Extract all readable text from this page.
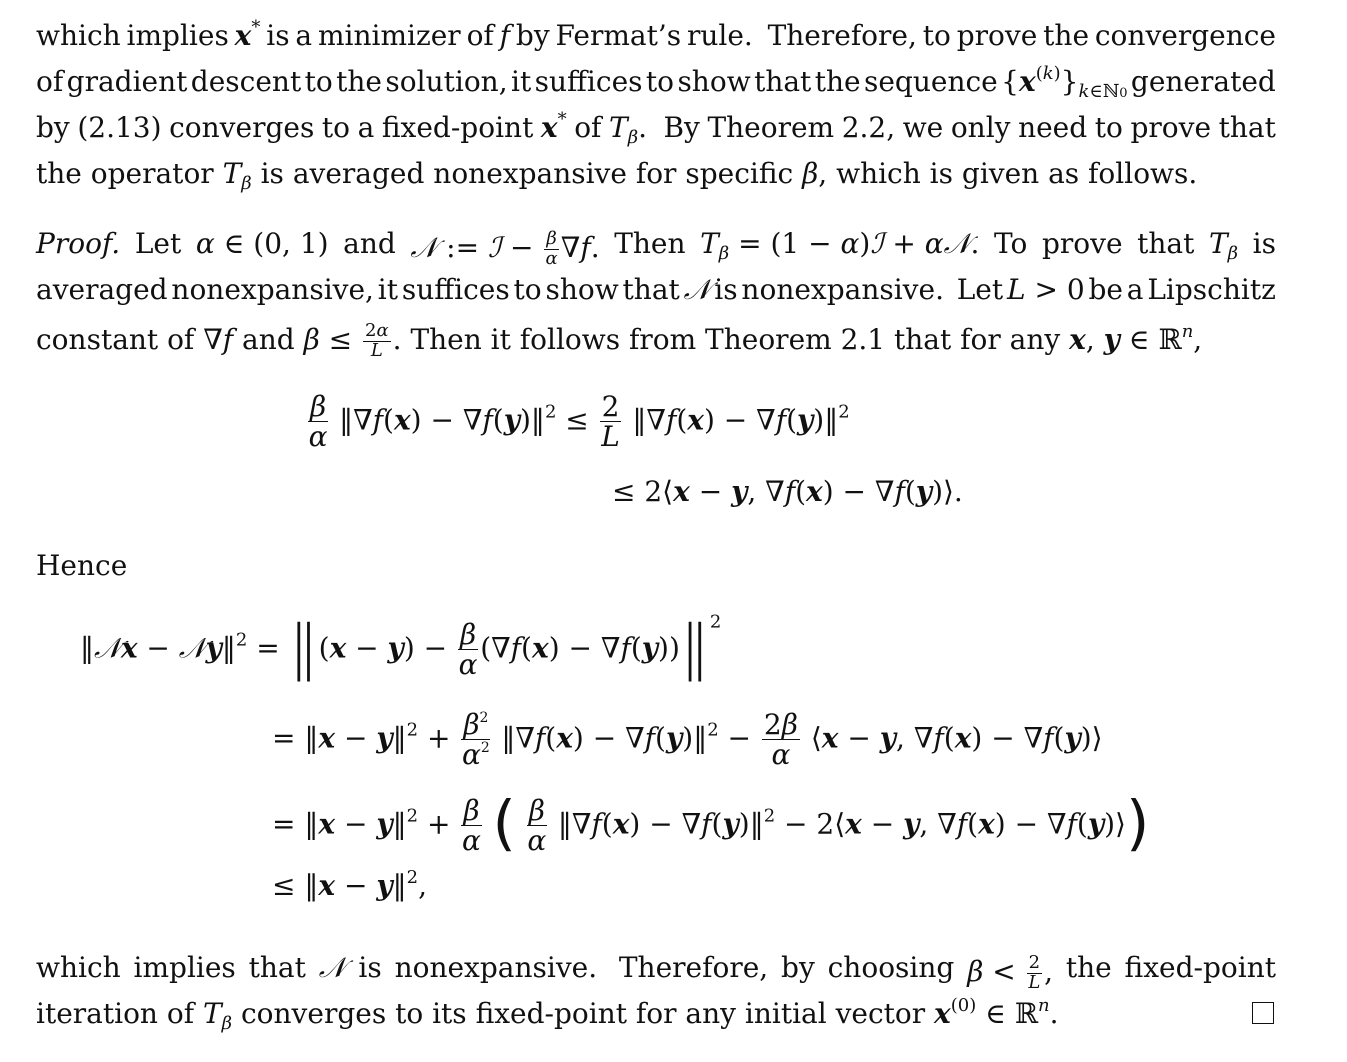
which implies x* is a minimizer of f by Fermat’s rule. Therefore, to prove the convergence
of gradient descent to the solution, it suffices to show that the sequence $\{x^{(k)}\}_{k\in ℕ0}$ generated
by (2.13) converges to a fixed-point x* of $T_\beta$. By Theorem 2.2, we only need to prove that
the operator $T_\beta$ is averaged nonexpansive for specific β, which is given as follows.
Proof. Let α ∈ (0, 1) and 𝒩 := ℐ − $\frac{\beta}{\alpha} \nabla f$. Then $T_\beta = (1$ − α)ℐ + α𝒩. To prove that $T_\beta$ is
averaged nonexpansive, it suffices to show that 𝒩 is nonexpansive. Let L > 0 be a Lipschitz
constant of ∇f and $\beta \le \frac{2\alpha}{L}$ . Then it follows from Theorem 2.1 that for any x, y ∈ ℝ$^n$,
$\frac{\beta}{\alpha}$ ‖∇f(x) − ∇f(y)‖$^2$ ≤ $\frac{2}{L}$ ‖∇f(x) − ∇f(y)‖$^2$
≤ 2⟨x − y, ∇f(x) − ∇f(y)⟩.
Hence
‖𝒩x − 𝒩y‖$^2$ = ‖(x − $y) - \frac{\beta}{\alpha} (\nabla f(x)$ − ∇f(y))‖$^2$
= ‖x − y‖$^2$ + $\frac{\beta^2}{\alpha^2}$ ‖∇f(x) − ∇f(y)‖$^2$ − $\frac{2\beta}{\alpha}$ ⟨x − y, ∇f(x) − ∇f(y)⟩
= ‖x − y‖$^2$ + $\frac{\beta}{\alpha}$ ( $\frac{\beta}{\alpha}$ ‖∇f(x) − ∇f(y)‖$^2$ − 2⟨x − y, ∇f(x) − ∇f(y)⟩)
≤ ‖x − y‖$^2$,
which implies that 𝒩 is nonexpansive. Therefore, by choosing $\beta < \frac{2}{L}$ , the fixed-point
iteration of $T_\beta$ converges to its fixed-point for any initial vector $x^{(0)}$ ∈ ℝ$^n$.
